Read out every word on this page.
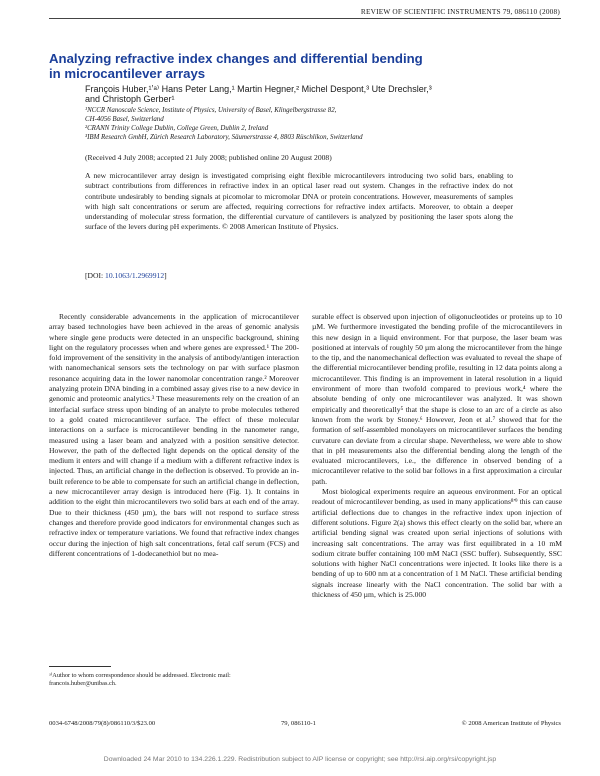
REVIEW OF SCIENTIFIC INSTRUMENTS 79, 086110 (2008)
Analyzing refractive index changes and differential bending
in microcantilever arrays
François Huber,¹ʼᵃ⁾ Hans Peter Lang,¹ Martin Hegner,² Michel Despont,³ Ute Drechsler,³
and Christoph Gerber¹
¹NCCR Nanoscale Science, Institute of Physics, University of Basel, Klingelbergstrasse 82,
CH-4056 Basel, Switzerland
²CRANN Trinity College Dublin, College Green, Dublin 2, Ireland
³IBM Research GmbH, Zürich Research Laboratory, Säumerstrasse 4, 8803 Rüschlikon, Switzerland
(Received 4 July 2008; accepted 21 July 2008; published online 20 August 2008)
A new microcantilever array design is investigated comprising eight flexible microcantilevers introducing two solid bars, enabling to subtract contributions from differences in refractive index in an optical laser read out system. Changes in the refractive index do not contribute undesirably to bending signals at picomolar to micromolar DNA or protein concentrations. However, measurements of samples with high salt concentrations or serum are affected, requiring corrections for refractive index artifacts. Moreover, to obtain a deeper understanding of molecular stress formation, the differential curvature of cantilevers is analyzed by positioning the laser spots along the surface of the levers during pH experiments. © 2008 American Institute of Physics.
[DOI: 10.1063/1.2969912]

Recently considerable advancements in the application of microcantilever array based technologies have been achieved in the areas of genomic analysis where single gene products were detected in an unspecific background, shining light on the regulatory processes when and where genes are expressed.¹ The 200-fold improvement of the sensitivity in the analysis of antibody/antigen interaction with nanomechanical sensors sets the technology on par with surface plasmon resonance acquiring data in the lower nanomolar concentration range.² Moreover analyzing protein DNA binding in a combined assay gives rise to a new device in genomic and proteomic analytics.³ These measurements rely on the creation of an interfacial surface stress upon binding of an analyte to probe molecules tethered to a gold coated microcantilever surface. The effect of these molecular interactions on a surface is microcantilever bending in the nanometer range, measured using a laser beam and analyzed with a position sensitive detector. However, the path of the deflected light depends on the optical density of the medium it enters and will change if a medium with a different refractive index is injected. Thus, an artificial change in the deflection is observed. To provide an in-built reference to be able to compensate for such an artificial change in deflection, a new microcantilever array design is introduced here (Fig. 1). It contains in addition to the eight thin microcantilevers two solid bars at each end of the array. Due to their thickness (450 µm), the bars will not respond to surface stress changes and therefore provide good indicators for environmental changes such as refractive index or temperature variations. We found that refractive index changes occur during the injection of high salt concentrations, fetal calf serum (FCS) and different concentrations of 1-dodecanethiol but no mea-

surable effect is observed upon injection of oligonucleotides or proteins up to 10 µM. We furthermore investigated the bending profile of the microcantilevers in this new design in a liquid environment. For that purpose, the laser beam was positioned at intervals of roughly 50 µm along the microcantilever from the hinge to the tip, and the nanomechanical deflection was evaluated to reveal the shape of the differential microcantilever bending profile, resulting in 12 data points along a microcantilever. This finding is an improvement in lateral resolution in a liquid environment of more than twofold compared to previous work,⁴ where the absolute bending of only one microcantilever was analyzed. It was shown empirically and theoretically⁵ that the shape is close to an arc of a circle as also known from the work by Stoney.⁶ However, Jeon et al.⁷ showed that for the formation of self-assembled monolayers on microcantilever surfaces the bending curvature can deviate from a circular shape. Nevertheless, we were able to show that in pH measurements also the differential bending along the length of the evaluated microcantilevers, i.e., the difference in observed bending of a microcantilever relative to the solid bar follows in a first approximation a circular path.

Most biological experiments require an aqueous environment. For an optical readout of microcantilever bending, as used in many applications⁸'⁹ this can cause artificial deflections due to changes in the refractive index upon injection of different solutions. Figure 2(a) shows this effect clearly on the solid bar, where an artificial bending signal was created upon serial injections of solutions with increasing salt concentrations. The array was first equilibrated in a 10 mM sodium citrate buffer containing 100 mM NaCl (SSC buffer). Subsequently, SSC solutions with higher NaCl concentrations were injected. It looks like there is a bending of up to 600 nm at a concentration of 1 M NaCl. These artificial bending signals increase linearly with the NaCl concentration. The solid bar with a thickness of 450 µm, which is 25.000

ᵃ⁾Author to whom correspondence should be addressed. Electronic mail: francois.huber@unibas.ch.
0034-6748/2008/79(8)/086110/3/$23.00	79, 086110-1	© 2008 American Institute of Physics
Downloaded 24 Mar 2010 to 134.226.1.229. Redistribution subject to AIP license or copyright; see http://rsi.aip.org/rsi/copyright.jsp
